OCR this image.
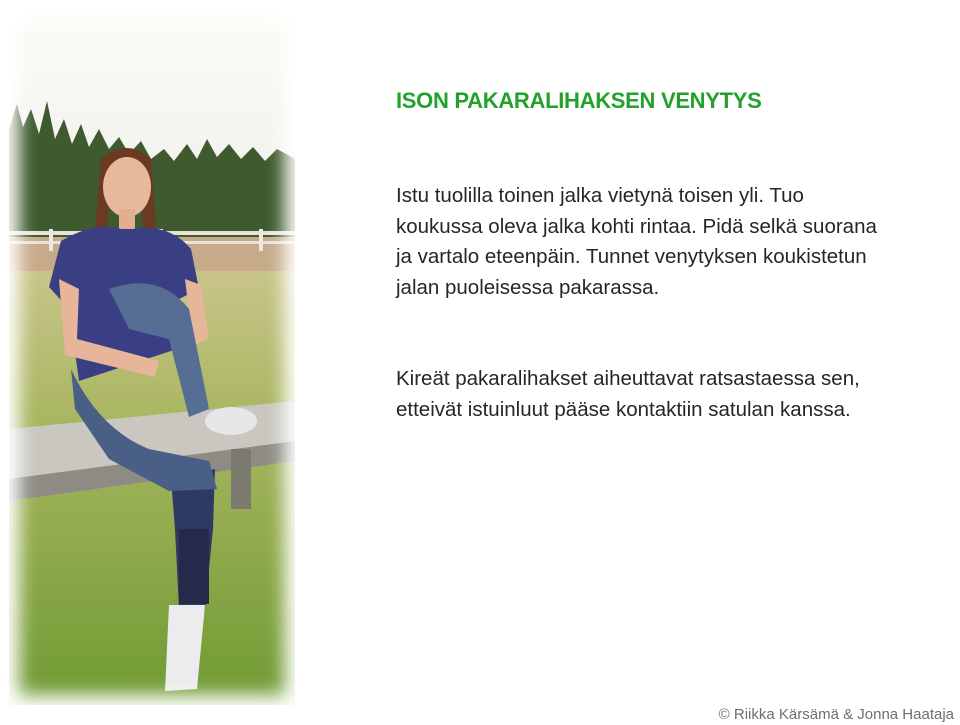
ISON PAKARALIHAKSEN VENYTYS

Istu tuolilla toinen jalka vietynä toisen yli. Tuo koukussa oleva jalka kohti rintaa. Pidä selkä suorana ja vartalo eteenpäin. Tunnet venytyksen koukistetun jalan puoleisessa pakarassa.

Kireät pakaralihakset aiheuttavat ratsastaessa sen, etteivät istuinluut pääse kontaktiin satulan kanssa.

© Riikka Kärsämä & Jonna Haataja
